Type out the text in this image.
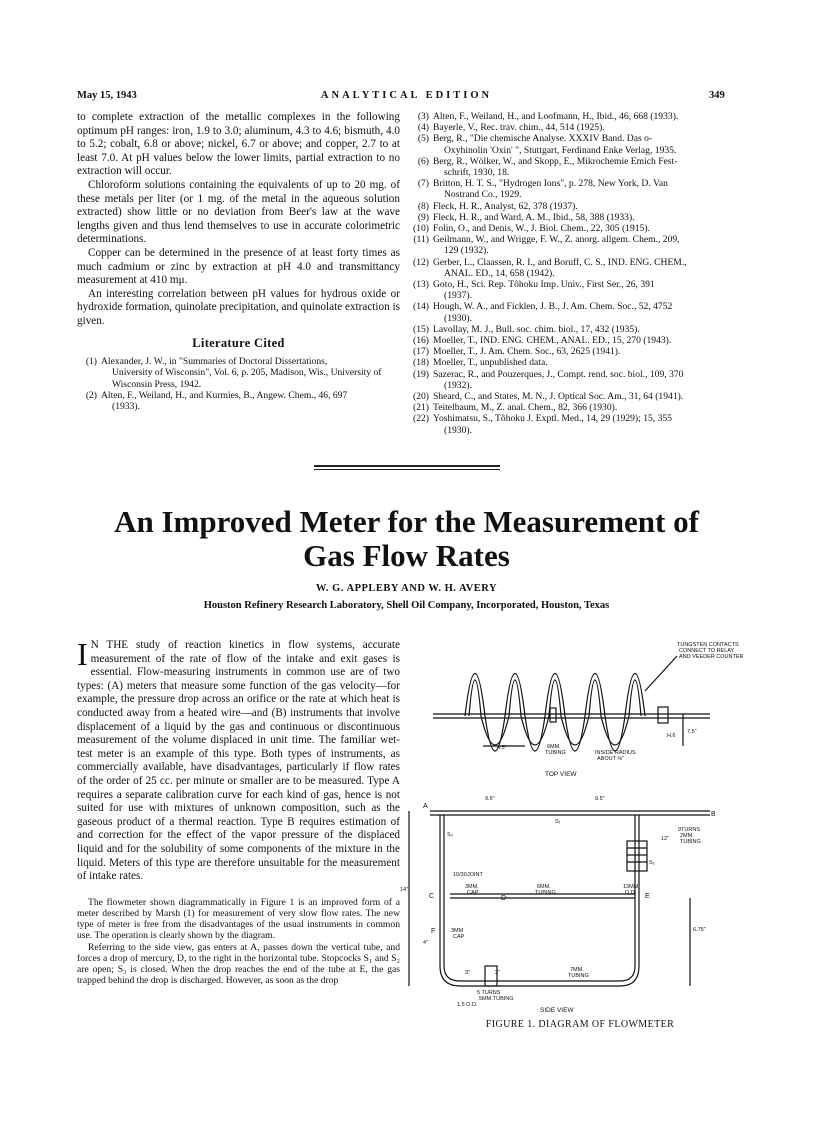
May 15, 1943	ANALYTICAL EDITION	349

to complete extraction of the metallic complexes in the following optimum pH ranges: iron, 1.9 to 3.0; aluminum, 4.3 to 4.6; bismuth, 4.0 to 5.2; cobalt, 6.8 or above; nickel, 6.7 or above; and copper, 2.7 to at least 7.0. At pH values below the lower limits, partial extraction to no extraction will occur.

Chloroform solutions containing the equivalents of up to 20 mg. of these metals per liter (or 1 mg. of the metal in the aqueous solution extracted) show little or no deviation from Beer's law at the wave lengths given and thus lend themselves to use in accurate colorimetric determinations.

Copper can be determined in the presence of at least forty times as much cadmium or zinc by extraction at pH 4.0 and transmittancy measurement at 410 mμ.

An interesting correlation between pH values for hydrous oxide or hydroxide formation, quinolate precipitation, and quinolate extraction is given.

Literature Cited
(1) Alexander, J. W., in "Summaries of Doctoral Dissertations,
University of Wisconsin", Vol. 6, p. 205, Madison, Wis., University of Wisconsin Press, 1942.
(2) Alten, F., Weiland, H., and Kurmies, B., Angew. Chem., 46, 697
(1933).
(3) Alten, F., Weiland, H., and Loofmann, H., Ibid., 46, 668 (1933).
(4) Bayerle, V., Rec. trav. chim., 44, 514 (1925).
(5) Berg, R., "Die chemische Analyse. XXXIV Band. Das o-
Oxyhinolin 'Oxin' ", Stuttgart, Ferdinand Enke Verlag, 1935.
(6) Berg, R., Wölker, W., and Skopp, E., Mikrochemie Emich Fest-
schrift, 1930, 18.
(7) Britton, H. T. S., "Hydrogen Ions", p. 278, New York, D. Van
Nostrand Co., 1929.
(8) Fleck, H. R., Analyst, 62, 378 (1937).
(9) Fleck, H. R., and Ward, A. M., Ibid., 58, 388 (1933).
(10) Folin, O., and Denis, W., J. Biol. Chem., 22, 305 (1915).
(11) Geilmann, W., and Wrigge, F. W., Z. anorg. allgem. Chem., 209,
129 (1932).
(12) Gerber, L., Claassen, R. I., and Boruff, C. S., IND. ENG. CHEM.,
ANAL. ED., 14, 658 (1942).
(13) Goto, H., Sci. Rep. Tôhoku Imp. Univ., First Ser., 26, 391
(1937).
(14) Hough, W. A., and Ficklen, J. B., J. Am. Chem. Soc., 52, 4752
(1930).
(15) Lavollay, M. J., Bull. soc. chim. biol., 17, 432 (1935).
(16) Moeller, T., IND. ENG. CHEM., ANAL. ED., 15, 270 (1943).
(17) Moeller, T., J. Am. Chem. Soc., 63, 2625 (1941).
(18) Moeller, T., unpublished data.
(19) Sazerac, R., and Pouzerques, J., Compt. rend. soc. biol., 109, 370
(1932).
(20) Sheard, C., and States, M. N., J. Optical Soc. Am., 31, 64 (1941).
(21) Teitelbaum, M., Z. anal. Chem., 82, 366 (1930).
(22) Yoshimatsu, S., Tôhoku J. Exptl. Med., 14, 29 (1929); 15, 355
(1930).
An Improved Meter for the Measurement of
Gas Flow Rates
W. G. APPLEBY AND W. H. AVERY
Houston Refinery Research Laboratory, Shell Oil Company, Incorporated, Houston, Texas

I N THE study of reaction kinetics in flow systems, accurate measurement of the rate of flow of the intake and exit gases is essential. Flow-measuring instruments in common use are of two types: (A) meters that measure some function of the gas velocity—for example, the pressure drop across an orifice or the rate at which heat is conducted away from a heated wire—and (B) instruments that involve displacement of a liquid by the gas and continuous or discontinuous measurement of the volume displaced in unit time. The familiar wet-test meter is an example of this type. Both types of instruments, as commercially available, have disadvantages, particularly if flow rates of the order of 25 cc. per minute or smaller are to be measured. Type A requires a separate calibration curve for each kind of gas, hence is not suited for use with mixtures of unknown composition, such as the gaseous product of a thermal reaction. Type B requires estimation of and correction for the effect of the vapor pressure of the displaced liquid and for the solubility of some components of the mixture in the liquid. Meters of this type are therefore unsuitable for the measurement of intake rates.

The flowmeter shown diagrammatically in Figure 1 is an improved form of a meter described by Marsh (1) for measurement of very slow flow rates. The new type of meter is free from the disadvantages of the usual instruments in common use. The operation is clearly shown by the diagram.

Referring to the side view, gas enters at A, passes down the vertical tube, and forces a drop of mercury, D, to the right in the horizontal tube. Stopcocks S₁ and S₂ are open; S₃ is closed. When the drop reaches the end of the tube at E, the gas trapped behind the drop is discharged. However, as soon as the drop

TUNGSTEN CONTACTS
CONNECT TO RELAY
AND VEEDER COUNTER
7.5"
H.6
4.5"	6MM.
TUBING	INSIDE RADIUS
ABOUT ⅜"
TOP VIEW
9.5"	9.5"
S₁
A
B
S₃
10/30 JOINT
S₂
9TURNS
2MM.
TUBING
12"
14"	3MM.
CAP
C	D
6MM.
TUBING
13MM.
O.D. E
F
4"
3MM
CAP
6.75"
3"	2"	7MM.
TUBING
5 TURNS
5MM.TUBING
1.5 O.D.
SIDE VIEW
FIGURE 1. DIAGRAM OF FLOWMETER
